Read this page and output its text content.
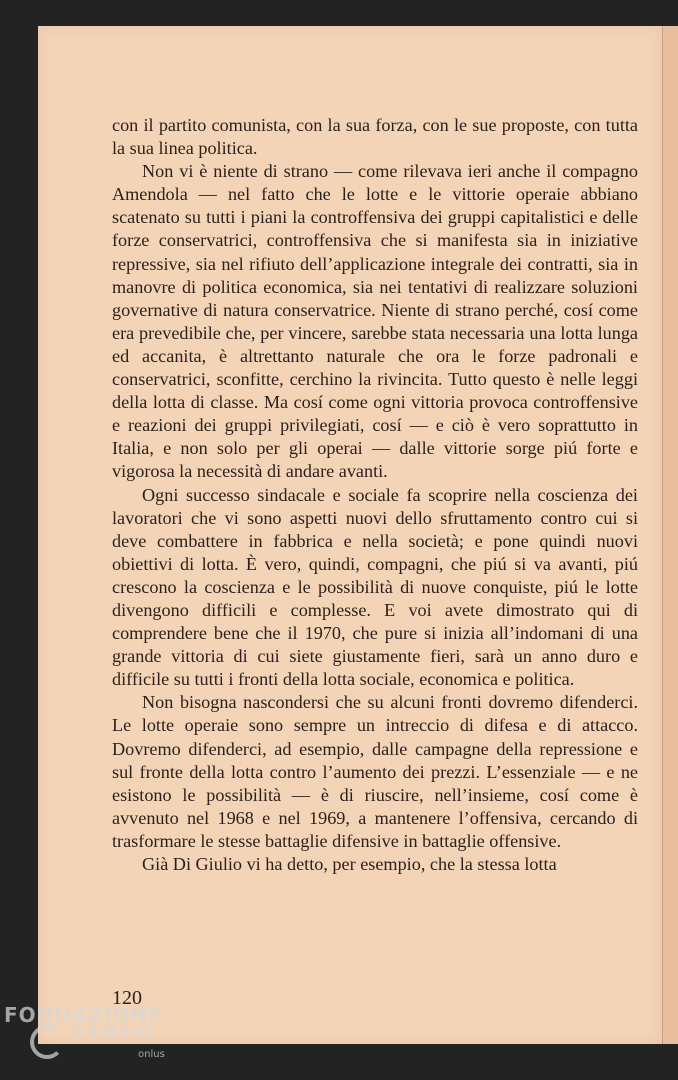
con il partito comunista, con la sua forza, con le sue proposte, con tutta la sua linea politica.

Non vi è niente di strano — come rilevava ieri anche il compagno Amendola — nel fatto che le lotte e le vittorie operaie abbiano scatenato su tutti i piani la controffensiva dei gruppi capitalistici e delle forze conservatrici, controffensiva che si manifesta sia in iniziative repressive, sia nel rifiuto dell’applicazione integrale dei contratti, sia in manovre di politica economica, sia nei tentativi di realizzare soluzioni governative di natura conservatrice. Niente di strano perché, cosí come era prevedibile che, per vincere, sarebbe stata necessaria una lotta lunga ed accanita, è altrettanto naturale che ora le forze padronali e conservatrici, sconfitte, cerchino la rivincita. Tutto questo è nelle leggi della lotta di classe. Ma cosí come ogni vittoria provoca controffensive e reazioni dei gruppi privilegiati, cosí — e ciò è vero soprattutto in Italia, e non solo per gli operai — dalle vittorie sorge piú forte e vigorosa la necessità di andare avanti.

Ogni successo sindacale e sociale fa scoprire nella coscienza dei lavoratori che vi sono aspetti nuovi dello sfruttamento contro cui si deve combattere in fabbrica e nella società; e pone quindi nuovi obiettivi di lotta. È vero, quindi, compagni, che piú si va avanti, piú crescono la coscienza e le possibilità di nuove conquiste, piú le lotte divengono difficili e complesse. E voi avete dimostrato qui di comprendere bene che il 1970, che pure si inizia all’indomani di una grande vittoria di cui siete giustamente fieri, sarà un anno duro e difficile su tutti i fronti della lotta sociale, economica e politica.

Non bisogna nascondersi che su alcuni fronti dovremo difenderci. Le lotte operaie sono sempre un intreccio di difesa e di attacco. Dovremo difenderci, ad esempio, dalle campagne della repressione e sul fronte della lotta contro l’aumento dei prezzi. L’essenziale — e ne esistono le possibilità — è di riuscire, nell’insieme, cosí come è avvenuto nel 1968 e nel 1969, a mantenere l’offensiva, cercando di trasformare le stesse battaglie difensive in battaglie offensive.

Già Di Giulio vi ha detto, per esempio, che la stessa lotta

120
FONDAZIONE
RAMSCI
onlus
